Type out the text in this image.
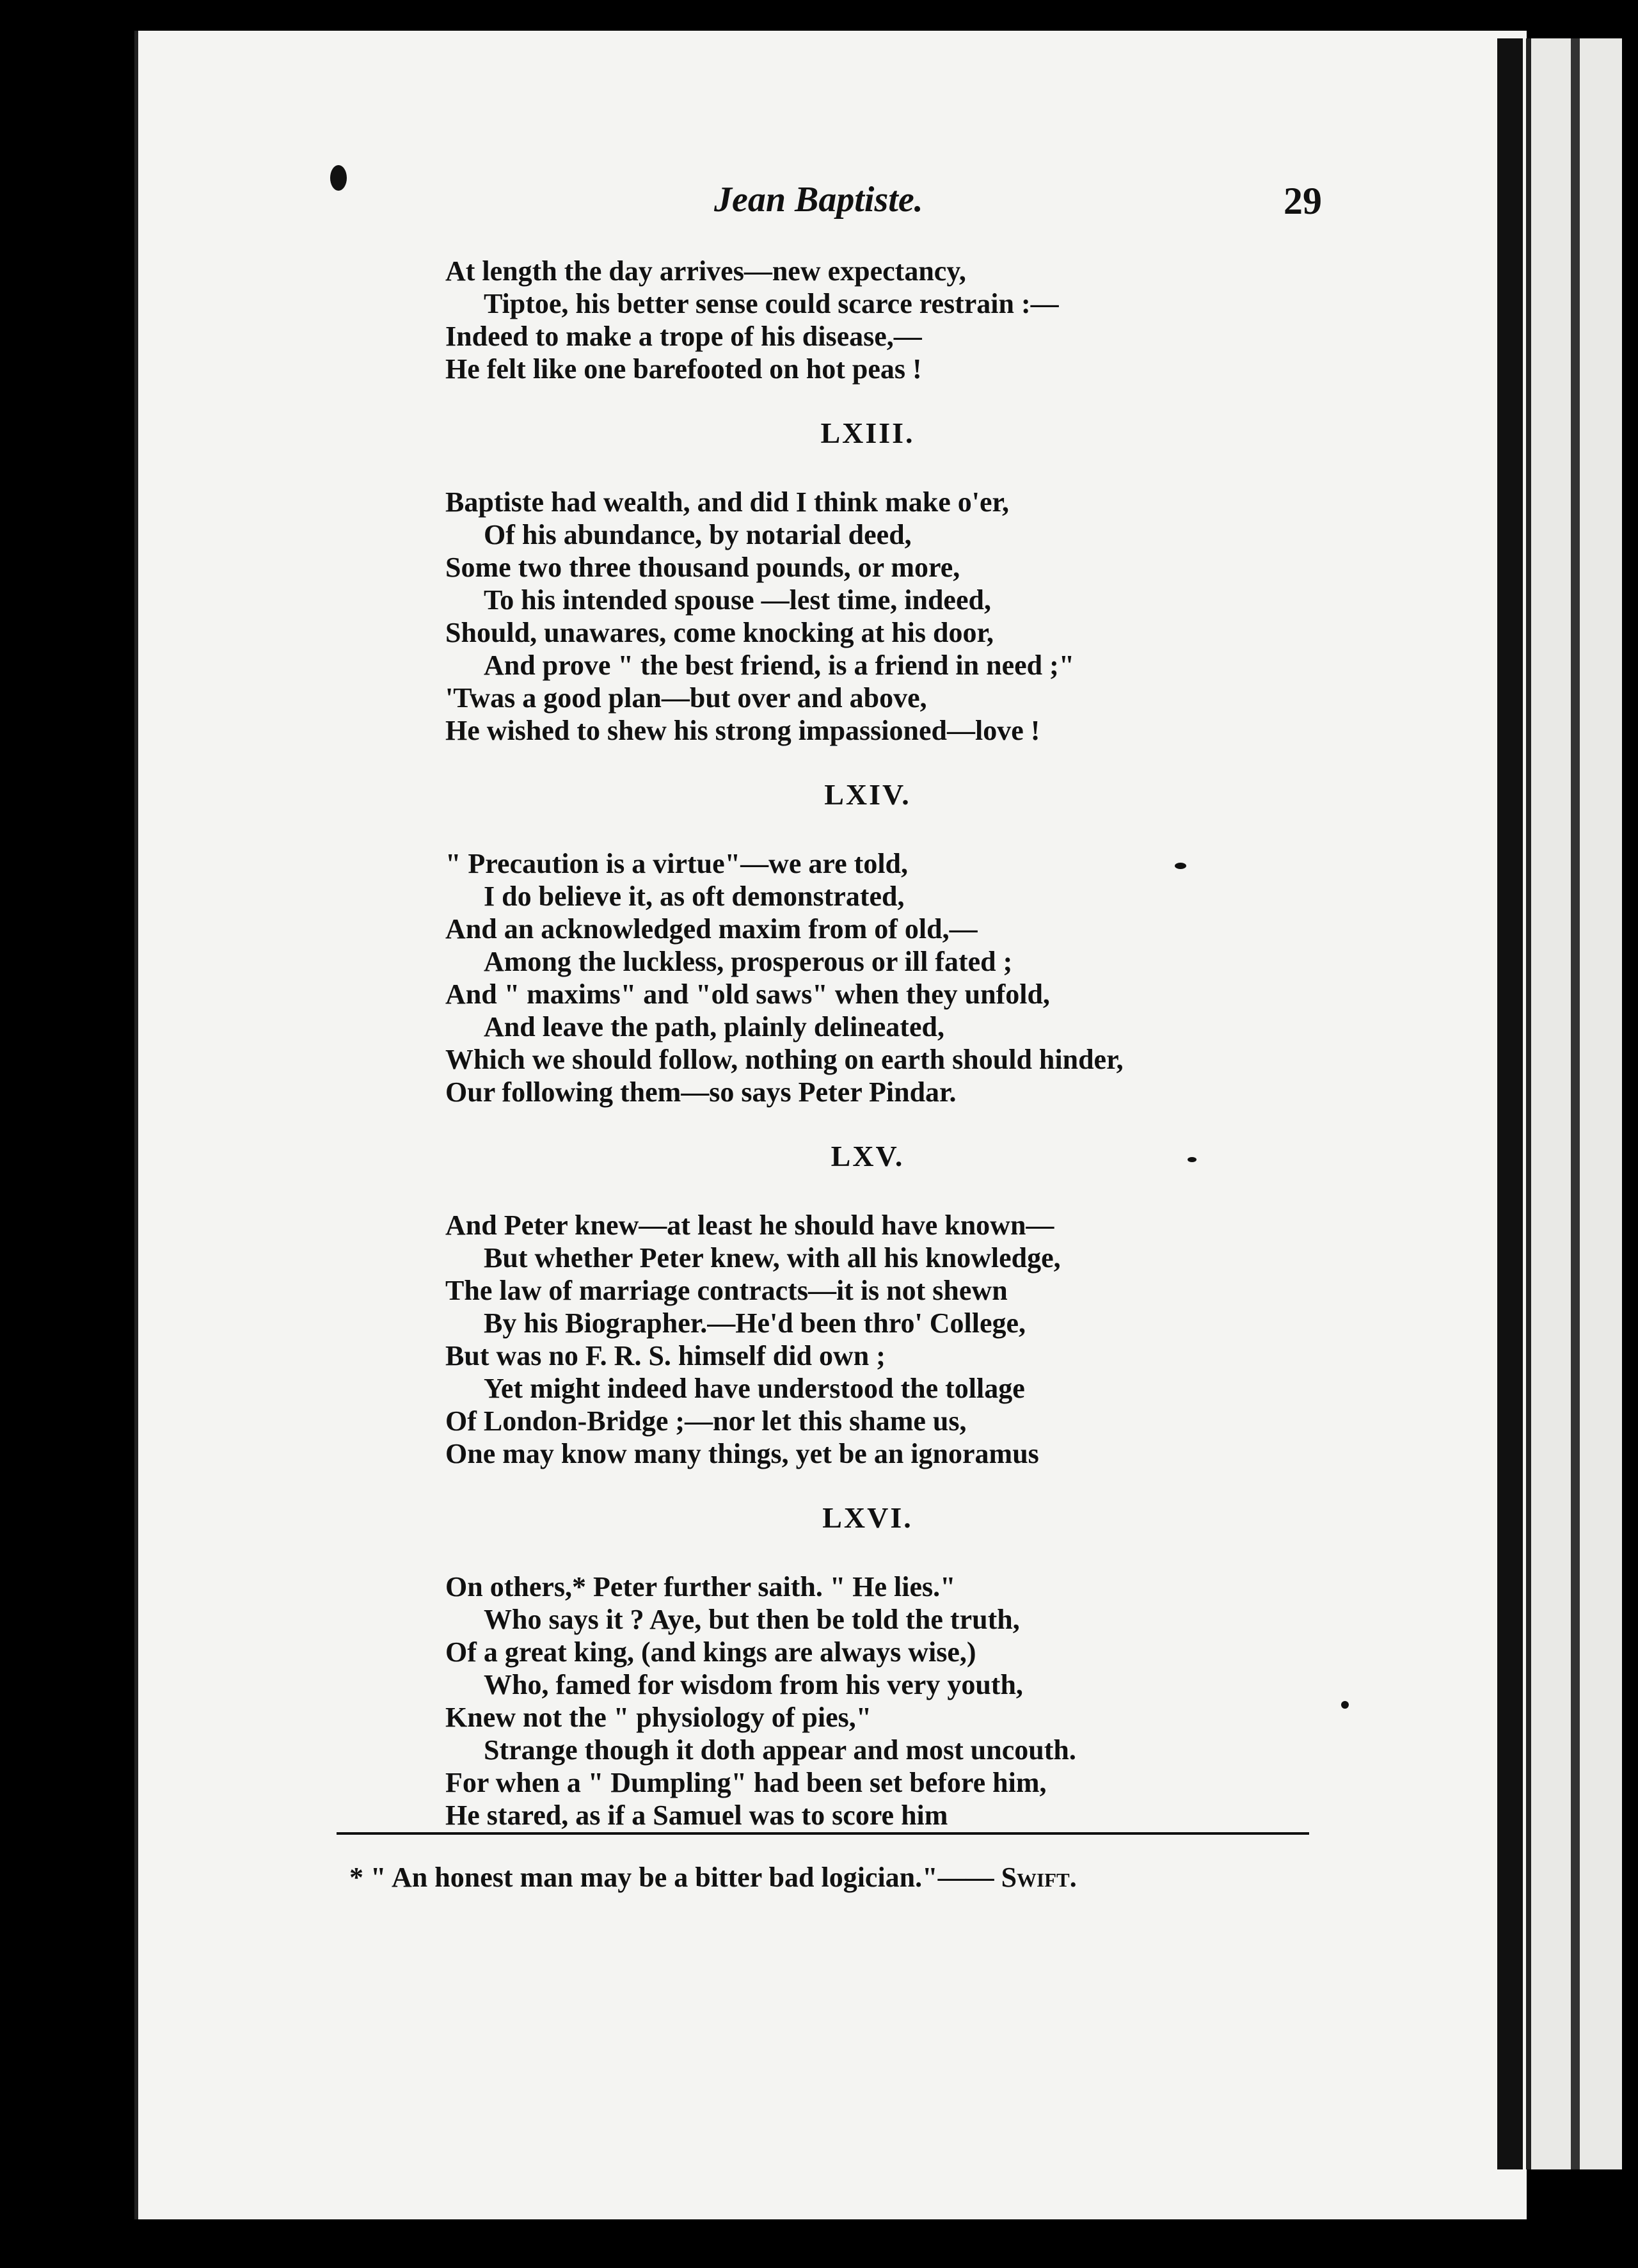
Jean Baptiste.	29
At length the day arrives—new expectancy,
Tiptoe, his better sense could scarce restrain :—
Indeed to make a trope of his disease,—
He felt like one barefooted on hot peas !
LXIII.
Baptiste had wealth, and did I think make o'er,
Of his abundance, by notarial deed,
Some two three thousand pounds, or more,
To his intended spouse —lest time, indeed,
Should, unawares, come knocking at his door,
And prove " the best friend, is a friend in need ;"
'Twas a good plan—but over and above,
He wished to shew his strong impassioned—love !
LXIV.
" Precaution is a virtue"—we are told,
I do believe it, as oft demonstrated,
And an acknowledged maxim from of old,—
Among the luckless, prosperous or ill fated ;
And " maxims" and "old saws" when they unfold,
And leave the path, plainly delineated,
Which we should follow, nothing on earth should hinder,
Our following them—so says Peter Pindar.
LXV.
And Peter knew—at least he should have known—
But whether Peter knew, with all his knowledge,
The law of marriage contracts—it is not shewn
By his Biographer.—He'd been thro' College,
But was no F. R. S. himself did own ;
Yet might indeed have understood the tollage
Of London-Bridge ;—nor let this shame us,
One may know many things, yet be an ignoramus
LXVI.
On others,* Peter further saith. " He lies."
Who says it ? Aye, but then be told the truth,
Of a great king, (and kings are always wise,)
Who, famed for wisdom from his very youth,
Knew not the " physiology of pies,"
Strange though it doth appear and most uncouth.
For when a " Dumpling" had been set before him,
He stared, as if a Samuel was to score him
* " An honest man may be a bitter bad logician."—— Swift.
